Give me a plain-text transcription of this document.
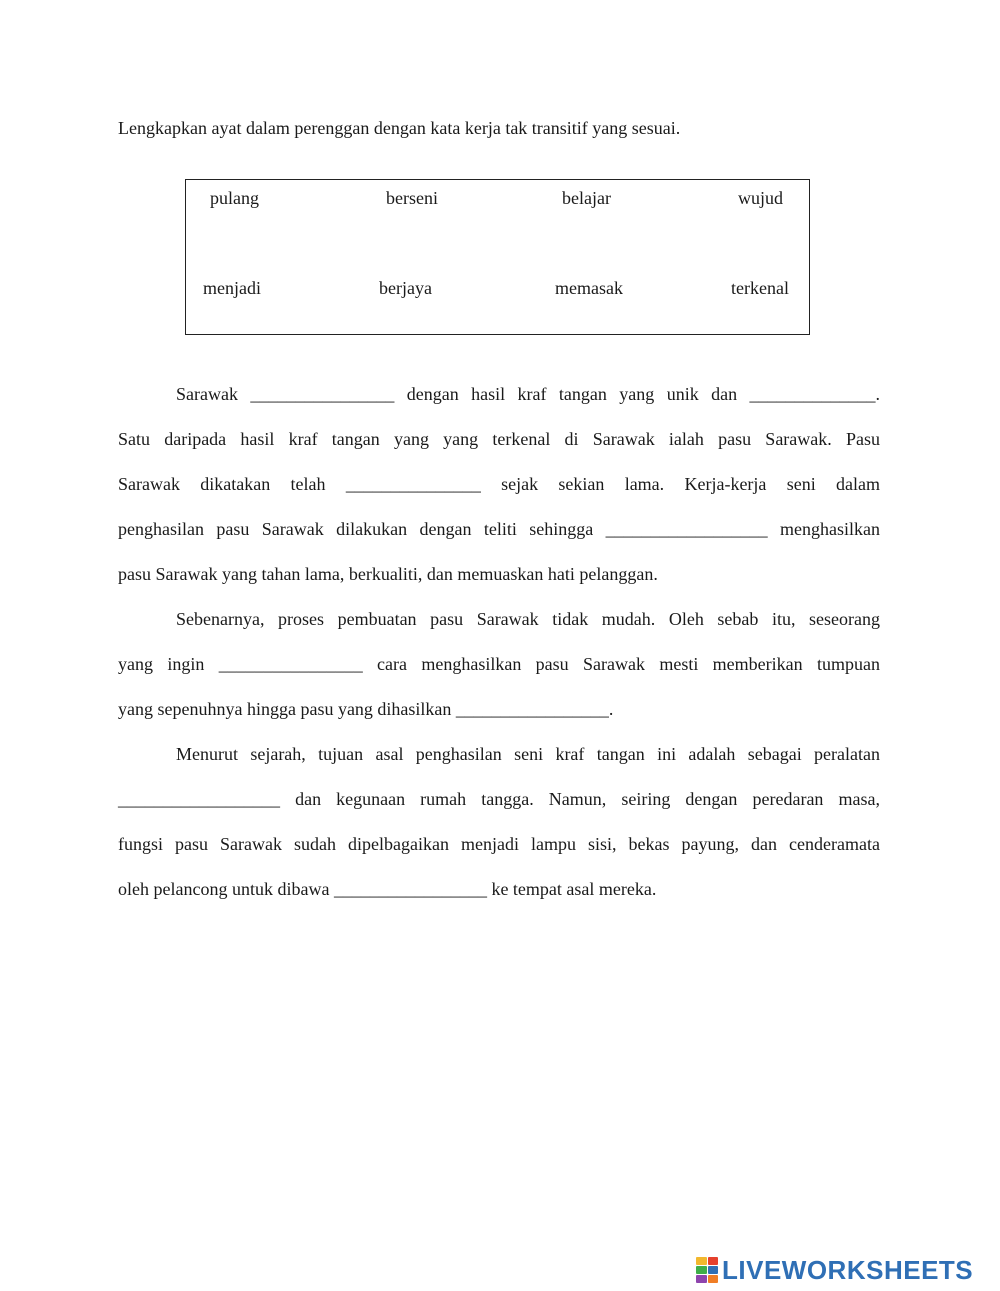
Lengkapkan ayat dalam perenggan dengan kata kerja tak transitif yang sesuai.
pulang	berseni	belajar	wujud
menjadi	berjaya	memasak	terkenal
Sarawak ________________ dengan hasil kraf tangan yang unik dan ______________.
Satu daripada hasil kraf tangan yang yang terkenal di Sarawak ialah pasu Sarawak. Pasu
Sarawak dikatakan telah _______________ sejak sekian lama. Kerja-kerja seni dalam
penghasilan pasu Sarawak dilakukan dengan teliti sehingga __________________ menghasilkan
pasu Sarawak yang tahan lama, berkualiti, dan memuaskan hati pelanggan.
Sebenarnya, proses pembuatan pasu Sarawak tidak mudah. Oleh sebab itu, seseorang
yang ingin ________________ cara menghasilkan pasu Sarawak mesti memberikan tumpuan
yang sepenuhnya hingga pasu yang dihasilkan _________________.
Menurut sejarah, tujuan asal penghasilan seni kraf tangan ini adalah sebagai peralatan
__________________ dan kegunaan rumah tangga. Namun, seiring dengan peredaran masa,
fungsi pasu Sarawak sudah dipelbagaikan menjadi lampu sisi, bekas payung, dan cenderamata
oleh pelancong untuk dibawa _________________ ke tempat asal mereka.
LIVEWORKSHEETS
